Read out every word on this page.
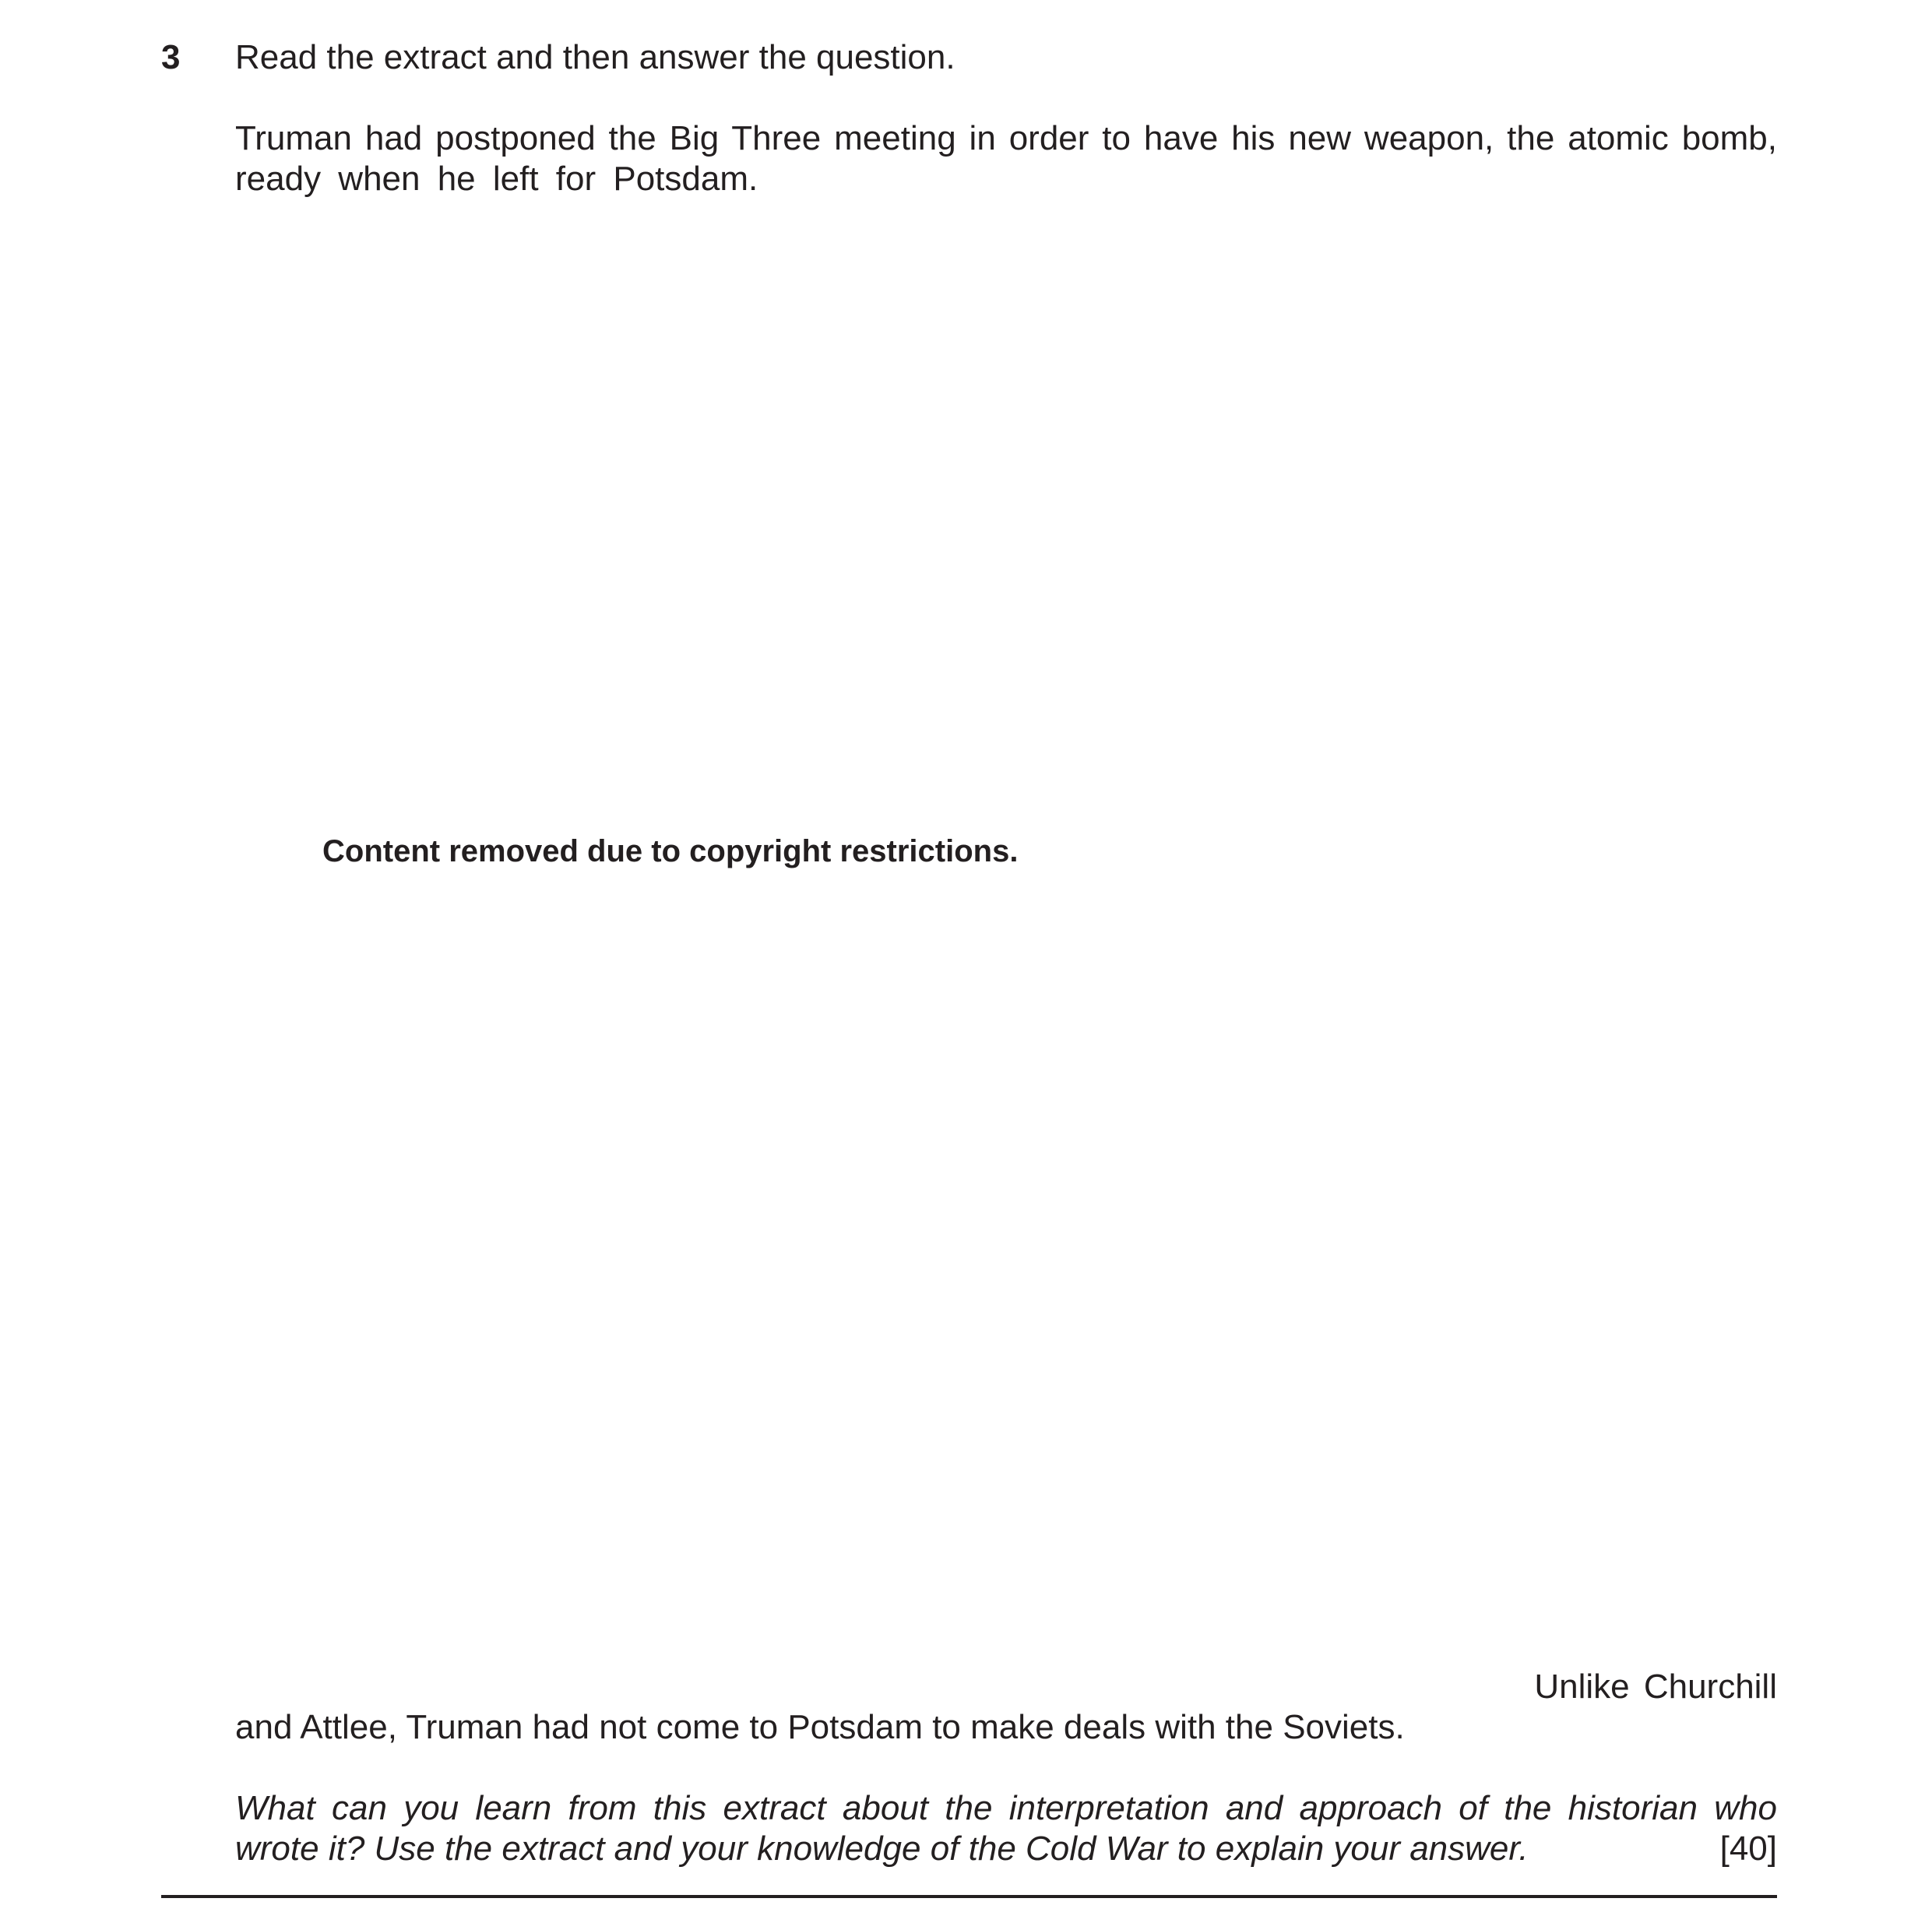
3 Read the extract and then answer the question.
Truman had postponed the Big Three meeting in order to have his new weapon, the atomic bomb,
ready when he left for Potsdam.
Content removed due to copyright restrictions.
Unlike Churchill
and Attlee, Truman had not come to Potsdam to make deals with the Soviets.
What can you learn from this extract about the interpretation and approach of the historian who
wrote it? Use the extract and your knowledge of the Cold War to explain your answer.	[40]
